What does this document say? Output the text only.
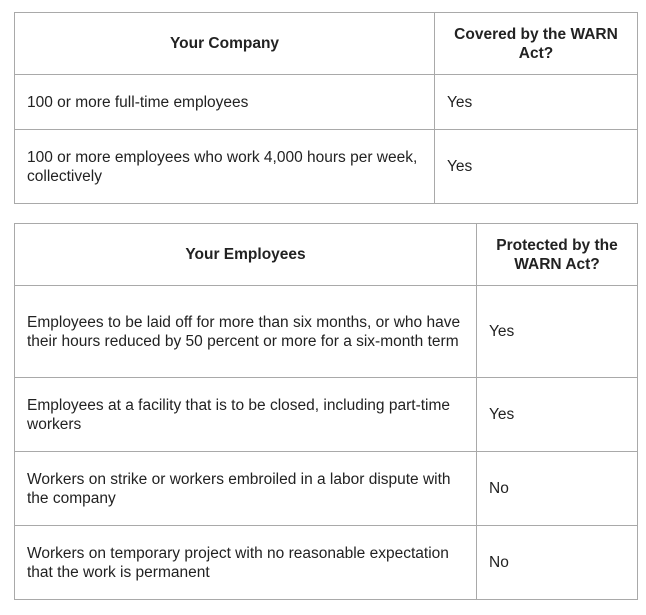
Your Company	Covered by the WARN Act?
100 or more full-time employees	Yes
100 or more employees who work 4,000 hours per week, collectively	Yes
Your Employees	Protected by the WARN Act?
Employees to be laid off for more than six months, or who have their hours reduced by 50 percent or more for a six-month term	Yes
Employees at a facility that is to be closed, including part-time workers	Yes
Workers on strike or workers embroiled in a labor dispute with the company	No
Workers on temporary project with no reasonable expectation that the work is permanent	No
